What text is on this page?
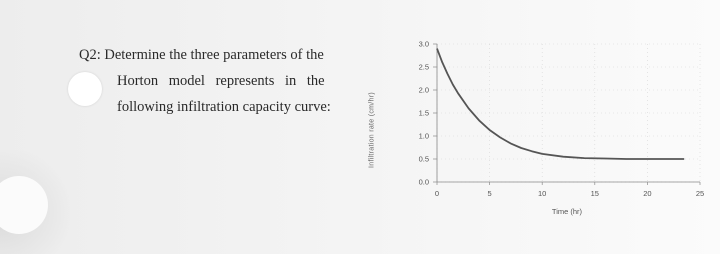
Q2: Determine the three parameters of the
Horton model represents in the
following infiltration capacity curve:	Infiltration rate (cm/hr)
0.0
0.5
1.0
1.5
2.0
2.5
3.0
0	5	10	15	20	25
Time (hr)
